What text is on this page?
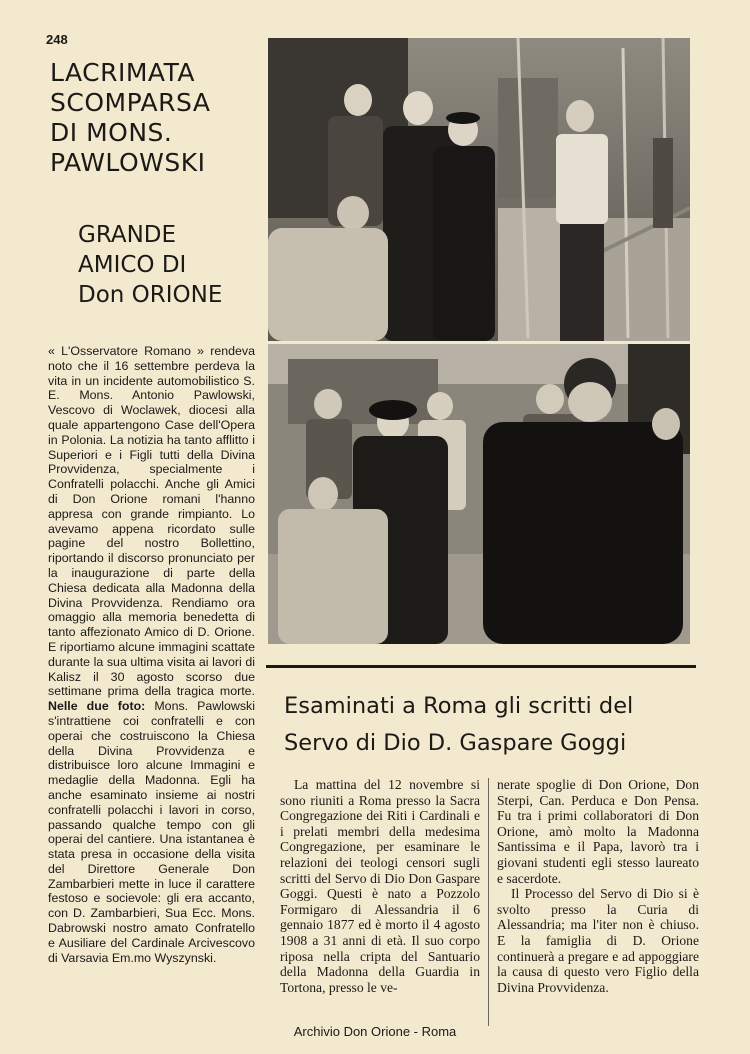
248
LACRIMATA
SCOMPARSA
DI MONS.
PAWLOWSKI
GRANDE
AMICO DI
Don ORIONE

« L'Osservatore Romano » rendeva noto che il 16 settembre perdeva la vita in un incidente automobilistico S. E. Mons. Antonio Pawlowski, Vescovo di Woclawek, diocesi alla quale appartengono Case dell'Opera in Polonia. La notizia ha tanto afflitto i Superiori e i Figli tutti della Divina Provvidenza, specialmente i Confratelli polacchi. Anche gli Amici di Don Orione romani l'hanno appresa con grande rimpianto. Lo avevamo appena ricordato sulle pagine del nostro Bollettino, riportando il discorso pronunciato per la inaugurazione di parte della Chiesa dedicata alla Madonna della Divina Provvidenza. Rendiamo ora omaggio alla memoria benedetta di tanto affezionato Amico di D. Orione. E riportiamo alcune immagini scattate durante la sua ultima visita ai lavori di Kalisz il 30 agosto scorso due settimane prima della tragica morte. Nelle due foto: Mons. Pawlowski s'intrattiene coi confratelli e con operai che costruiscono la Chiesa della Divina Provvidenza e distribuisce loro alcune Immagini e medaglie della Madonna. Egli ha anche esaminato insieme ai nostri confratelli polacchi i lavori in corso, passando qualche tempo con gli operai del cantiere. Una istantanea è stata presa in occasione della visita del Direttore Generale Don Zambarbieri mette in luce il carattere festoso e socievole: gli era accanto, con D. Zambarbieri, Sua Ecc. Mons. Dabrowski nostro amato Confratello e Ausiliare del Cardinale Arcivescovo di Varsavia Em.mo Wyszynski.

Esaminati a Roma gli scritti del
Servo di Dio D. Gaspare Goggi

La mattina del 12 novembre si sono riuniti a Roma presso la Sacra Congregazione dei Riti i Cardinali e i prelati membri della medesima Congregazione, per esaminare le relazioni dei teologi censori sugli scritti del Servo di Dio Don Gaspare Goggi. Questi è nato a Pozzolo Formigaro di Alessandria il 6 gennaio 1877 ed è morto il 4 agosto 1908 a 31 anni di età. Il suo corpo riposa nella cripta del Santuario della Madonna della Guardia in Tortona, presso le ve-

nerate spoglie di Don Orione, Don Sterpi, Can. Perduca e Don Pensa. Fu tra i primi collaboratori di Don Orione, amò molto la Madonna Santissima e il Papa, lavorò tra i giovani studenti egli stesso laureato e sacerdote.

Il Processo del Servo di Dio si è svolto presso la Curia di Alessandria; ma l'iter non è chiuso. E la famiglia di D. Orione continuerà a pregare e ad appoggiare la causa di questo vero Figlio della Divina Provvidenza.

Archivio Don Orione - Roma
